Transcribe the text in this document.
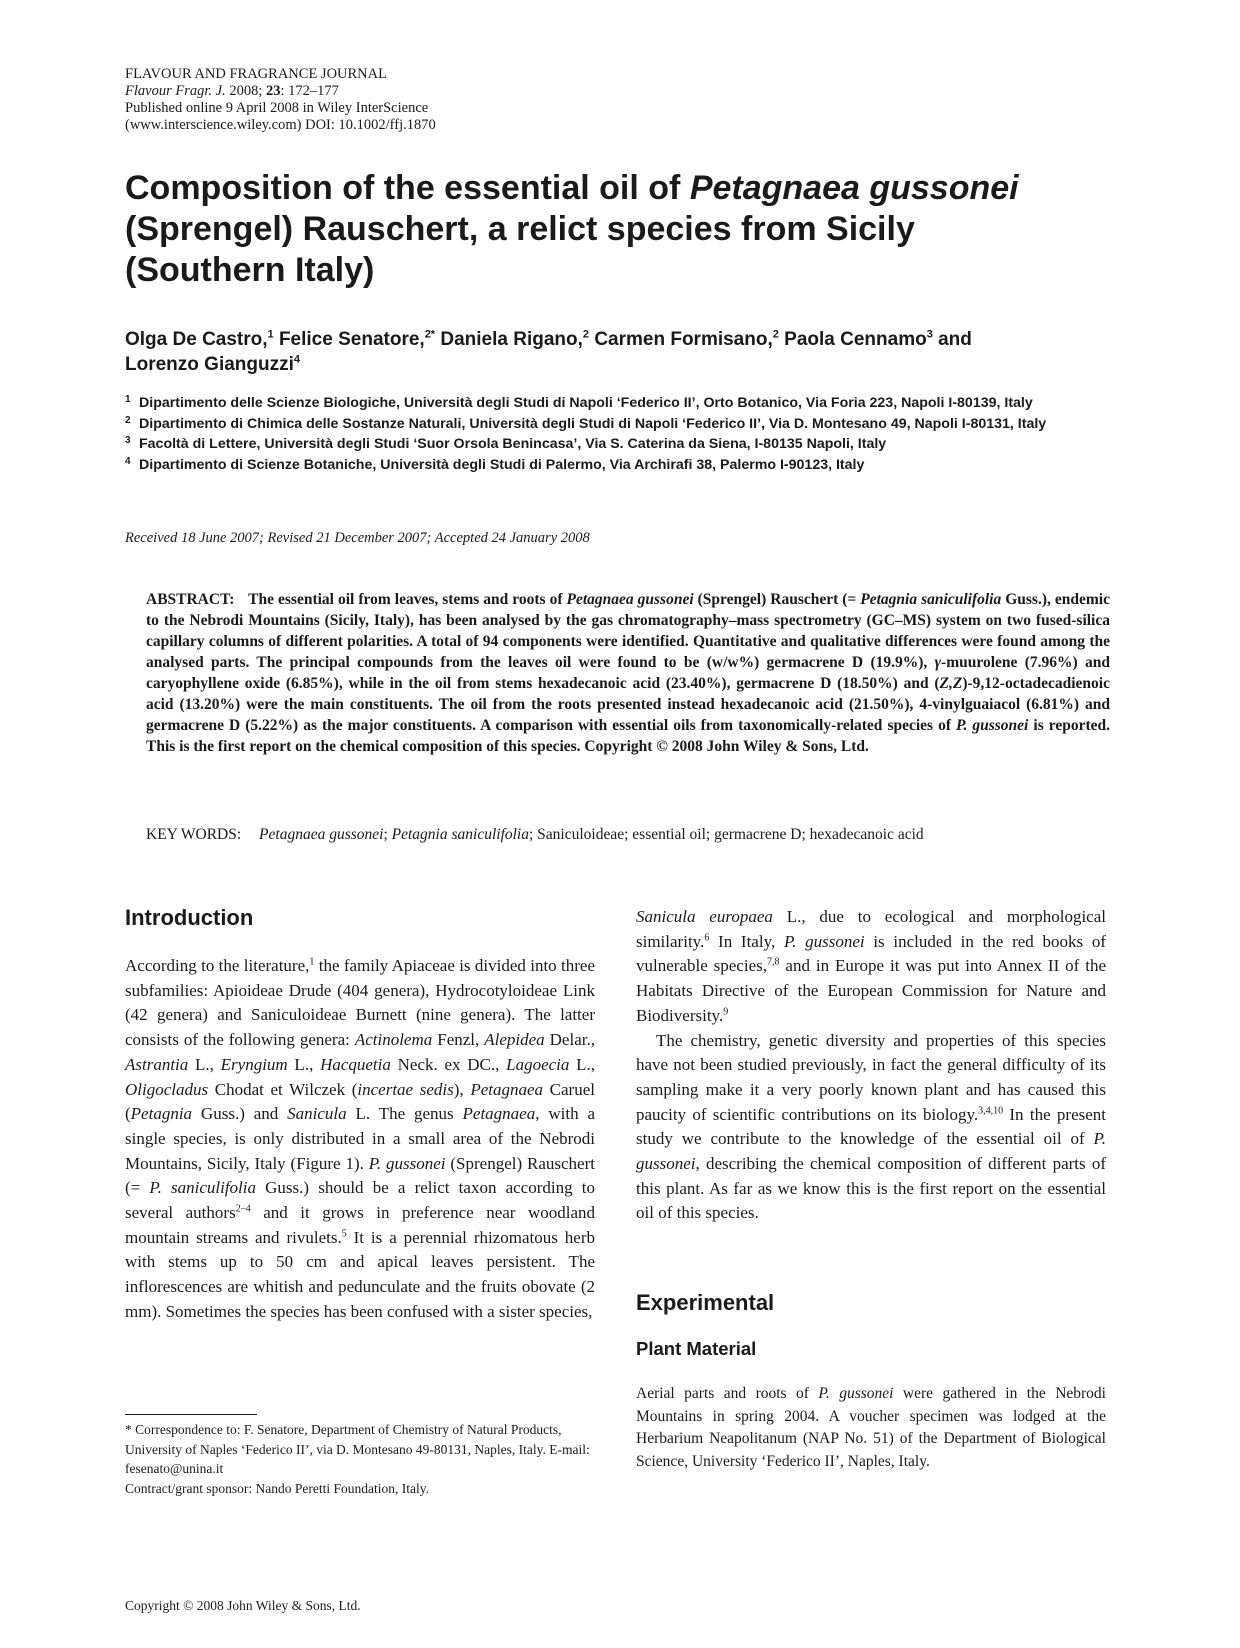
FLAVOUR AND FRAGRANCE JOURNAL
Flavour Fragr. J. 2008; 23: 172–177
Published online 9 April 2008 in Wiley InterScience
(www.interscience.wiley.com) DOI: 10.1002/ffj.1870
Composition of the essential oil of Petagnaea gussonei
(Sprengel) Rauschert, a relict species from Sicily
(Southern Italy)
Olga De Castro,$^1$ Felice Senatore,$^{2*}$ Daniela Rigano,$^2$ Carmen Formisano,$^2$ Paola Cennamo$^3$ and
Lorenzo Gianguzzi$^4$
1 Dipartimento delle Scienze Biologiche, Università degli Studi di Napoli ‘Federico II’, Orto Botanico, Via Foria 223, Napoli I-80139, Italy
2 Dipartimento di Chimica delle Sostanze Naturali, Università degli Studi di Napoli ‘Federico II’, Via D. Montesano 49, Napoli I-80131, Italy
3 Facoltà di Lettere, Università degli Studi ‘Suor Orsola Benincasa’, Via S. Caterina da Siena, I-80135 Napoli, Italy
4 Dipartimento di Scienze Botaniche, Università degli Studi di Palermo, Via Archirafi 38, Palermo I-90123, Italy
Received 18 June 2007; Revised 21 December 2007; Accepted 24 January 2008
ABSTRACT: The essential oil from leaves, stems and roots of Petagnaea gussonei (Sprengel) Rauschert (= Petagnia saniculifolia Guss.), endemic to the Nebrodi Mountains (Sicily, Italy), has been analysed by the gas chromatography–mass spectrometry (GC–MS) system on two fused-silica capillary columns of different polarities. A total of 94 components were identified. Quantitative and qualitative differences were found among the analysed parts. The principal compounds from the leaves oil were found to be (w/w%) germacrene D (19.9%), γ-muurolene (7.96%) and caryophyllene oxide (6.85%), while in the oil from stems hexadecanoic acid (23.40%), germacrene D (18.50%) and (Z,Z)-9,12-octadecadienoic acid (13.20%) were the main constituents. The oil from the roots presented instead hexadecanoic acid (21.50%), 4-vinylguaiacol (6.81%) and germacrene D (5.22%) as the major constituents. A comparison with essential oils from taxonomically-related species of P. gussonei is reported. This is the first report on the chemical composition of this species. Copyright © 2008 John Wiley & Sons, Ltd.
KEY WORDS: Petagnaea gussonei; Petagnia saniculifolia; Saniculoideae; essential oil; germacrene D; hexadecanoic acid
Introduction

According to the literature,$^1$ the family Apiaceae is divided into three subfamilies: Apioideae Drude (404 genera), Hydrocotyloideae Link (42 genera) and Saniculoideae Burnett (nine genera). The latter consists of the following genera: Actinolema Fenzl, Alepidea Delar., Astrantia L., Eryngium L., Hacquetia Neck. ex DC., Lagoecia L., Oligocladus Chodat et Wilczek (incertae sedis), Petagnaea Caruel (Petagnia Guss.) and Sanicula L. The genus Petagnaea, with a single species, is only distributed in a small area of the Nebrodi Mountains, Sicily, Italy (Figure 1). P. gussonei (Sprengel) Rauschert (= P. saniculifolia Guss.) should be a relict taxon according to several authors$^{2-4}$ and it grows in preference near woodland mountain streams and rivulets.$^5$ It is a perennial rhizomatous herb with stems up to 50 cm and apical leaves persistent. The inflorescences are whitish and pedunculate and the fruits obovate (2 mm). Sometimes the species has been confused with a sister species,

Sanicula europaea L., due to ecological and morphological similarity.$^6$ In Italy, P. gussonei is included in the red books of vulnerable species,$^{7,8}$ and in Europe it was put into Annex II of the Habitats Directive of the European Commission for Nature and Biodiversity.$^9$

The chemistry, genetic diversity and properties of this species have not been studied previously, in fact the general difficulty of its sampling make it a very poorly known plant and has caused this paucity of scientific contributions on its biology.$^{3,4,10}$ In the present study we contribute to the knowledge of the essential oil of P. gussonei, describing the chemical composition of different parts of this plant. As far as we know this is the first report on the essential oil of this species.

Experimental
Plant Material

Aerial parts and roots of P. gussonei were gathered in the Nebrodi Mountains in spring 2004. A voucher specimen was lodged at the Herbarium Neapolitanum (NAP No. 51) of the Department of Biological Science, University ‘Federico II’, Naples, Italy.

* Correspondence to: F. Senatore, Department of Chemistry of Natural Products, University of Naples ‘Federico II’, via D. Montesano 49-80131, Naples, Italy. E-mail: fesenato@unina.it

Contract/grant sponsor: Nando Peretti Foundation, Italy.

Copyright © 2008 John Wiley & Sons, Ltd.
